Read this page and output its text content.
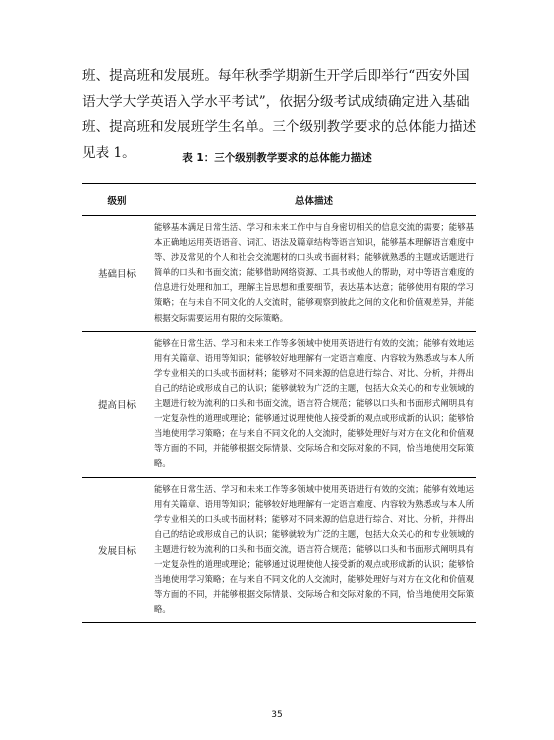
班、提高班和发展班。每年秋季学期新生开学后即举行“西安外国语大学大学英语入学水平考试”，依据分级考试成绩确定进入基础班、提高班和发展班学生名单。三个级别教学要求的总体能力描述见表 1。	表 1：三个级别教学要求的总体能力描述
级别	总体描述
基础目标	能够基本满足日常生活、学习和未来工作中与自身密切相关的信息交流的需要；能够基本正确地运用英语语音、词汇、语法及篇章结构等语言知识，能够基本理解语言难度中等、涉及常见的个人和社会交流题材的口头或书面材料；能够就熟悉的主题或话题进行简单的口头和书面交流；能够借助网络资源、工具书或他人的帮助，对中等语言难度的信息进行处理和加工，理解主旨思想和重要细节，表达基本达意；能够使用有限的学习策略；在与未自不同文化的人交流时，能够观察到彼此之间的文化和价值观差异，并能根据交际需要运用有限的交际策略。
提高目标	能够在日常生活、学习和未来工作等多领域中使用英语进行有效的交流；能够有效地运用有关篇章、语用等知识；能够较好地理解有一定语言难度、内容较为熟悉或与本人所学专业相关的口头或书面材料；能够对不同来源的信息进行综合、对比、分析，并得出自己的结论或形成自己的认识；能够就较为广泛的主题，包括大众关心的和专业领域的主题进行较为流利的口头和书面交流，语言符合规范；能够以口头和书面形式阐明具有一定复杂性的道理或理论；能够通过说理使他人接受新的观点或形成新的认识；能够恰当地使用学习策略；在与来自不同文化的人交流时，能够处理好与对方在文化和价值观等方面的不同，并能够根据交际情景、交际场合和交际对象的不同，恰当地使用交际策略。
发展目标	能够在日常生活、学习和未来工作等多领域中使用英语进行有效的交流；能够有效地运用有关篇章、语用等知识；能够较好地理解有一定语言难度、内容较为熟悉或与本人所学专业相关的口头或书面材料；能够对不同来源的信息进行综合、对比、分析，并得出自己的结论或形成自己的认识；能够就较为广泛的主题，包括大众关心的和专业领域的主题进行较为流利的口头和书面交流，语言符合规范；能够以口头和书面形式阐明具有一定复杂性的道理或理论；能够通过说理使他人接受新的观点或形成新的认识；能够恰当地使用学习策略；在与来自不同文化的人交流时，能够处理好与对方在文化和价值观等方面的不同，并能够根据交际情景、交际场合和交际对象的不同，恰当地使用交际策略。
35
